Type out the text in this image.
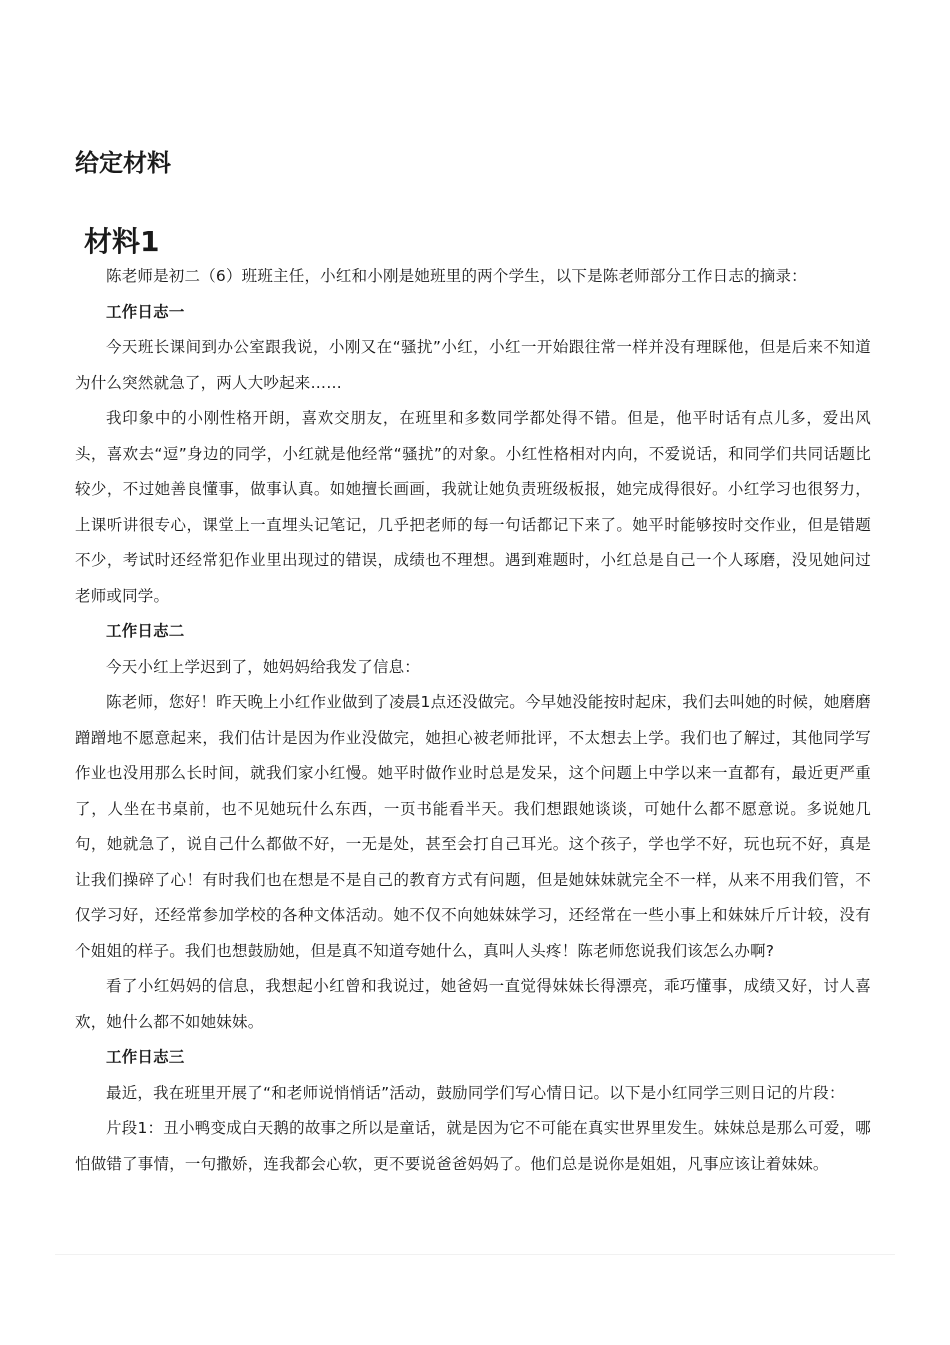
给定材料
材料1

陈老师是初二（6）班班主任，小红和小刚是她班里的两个学生，以下是陈老师部分工作日志的摘录：

工作日志一

今天班长课间到办公室跟我说，小刚又在“骚扰”小红，小红一开始跟往常一样并没有理睬他，但是后来不知道为什么突然就急了，两人大吵起来……

我印象中的小刚性格开朗，喜欢交朋友，在班里和多数同学都处得不错。但是，他平时话有点儿多，爱出风头，喜欢去“逗”身边的同学，小红就是他经常“骚扰”的对象。小红性格相对内向，不爱说话，和同学们共同话题比较少，不过她善良懂事，做事认真。如她擅长画画，我就让她负责班级板报，她完成得很好。小红学习也很努力，上课听讲很专心，课堂上一直埋头记笔记，几乎把老师的每一句话都记下来了。她平时能够按时交作业，但是错题不少，考试时还经常犯作业里出现过的错误，成绩也不理想。遇到难题时，小红总是自己一个人琢磨，没见她问过老师或同学。

工作日志二

今天小红上学迟到了，她妈妈给我发了信息：

陈老师，您好！昨天晚上小红作业做到了凌晨1点还没做完。今早她没能按时起床，我们去叫她的时候，她磨磨蹭蹭地不愿意起来，我们估计是因为作业没做完，她担心被老师批评，不太想去上学。我们也了解过，其他同学写作业也没用那么长时间，就我们家小红慢。她平时做作业时总是发呆，这个问题上中学以来一直都有，最近更严重了，人坐在书桌前，也不见她玩什么东西，一页书能看半天。我们想跟她谈谈，可她什么都不愿意说。多说她几句，她就急了，说自己什么都做不好，一无是处，甚至会打自己耳光。这个孩子，学也学不好，玩也玩不好，真是让我们操碎了心！有时我们也在想是不是自己的教育方式有问题，但是她妹妹就完全不一样，从来不用我们管，不仅学习好，还经常参加学校的各种文体活动。她不仅不向她妹妹学习，还经常在一些小事上和妹妹斤斤计较，没有个姐姐的样子。我们也想鼓励她，但是真不知道夸她什么，真叫人头疼！陈老师您说我们该怎么办啊?

看了小红妈妈的信息，我想起小红曾和我说过，她爸妈一直觉得妹妹长得漂亮，乖巧懂事，成绩又好，讨人喜欢，她什么都不如她妹妹。

工作日志三

最近，我在班里开展了“和老师说悄悄话”活动，鼓励同学们写心情日记。以下是小红同学三则日记的片段：

片段1：丑小鸭变成白天鹅的故事之所以是童话，就是因为它不可能在真实世界里发生。妹妹总是那么可爱，哪怕做错了事情，一句撒娇，连我都会心软，更不要说爸爸妈妈了。他们总是说你是姐姐，凡事应该让着妹妹。
